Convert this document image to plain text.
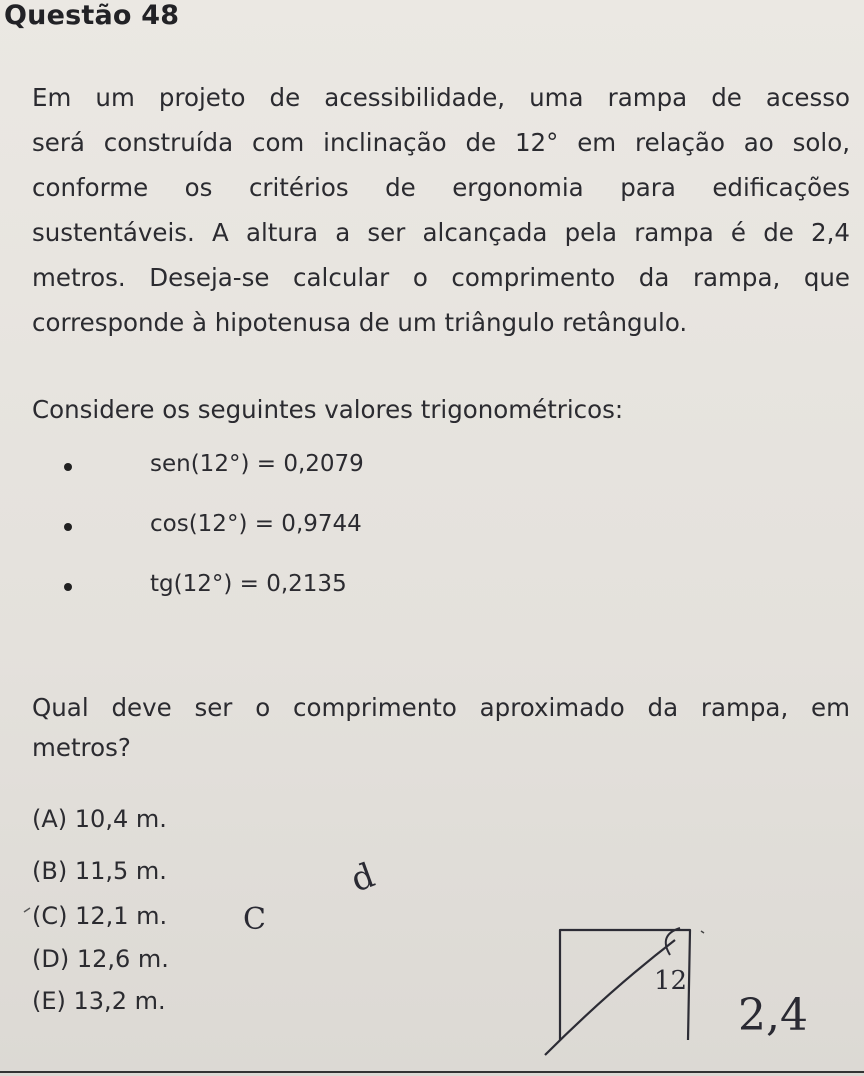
Questão 48
Em um projeto de acessibilidade, uma rampa de acesso
será construída com inclinação de 12° em relação ao solo,
conforme os critérios de ergonomia para edificações
sustentáveis. A altura a ser alcançada pela rampa é de 2,4
metros. Deseja-se calcular o comprimento da rampa, que
corresponde à hipotenusa de um triângulo retângulo.
Considere os seguintes valores trigonométricos:
sen(12°) = 0,2079
cos(12°) = 0,9744
tg(12°) = 0,2135
Qual deve ser o comprimento aproximado da rampa, em
metros?
(A) 10,4 m.
(B) 11,5 m.
(C) 12,1 m.
(D) 12,6 m.
(E) 13,2 m.
d
C
12
2,4
